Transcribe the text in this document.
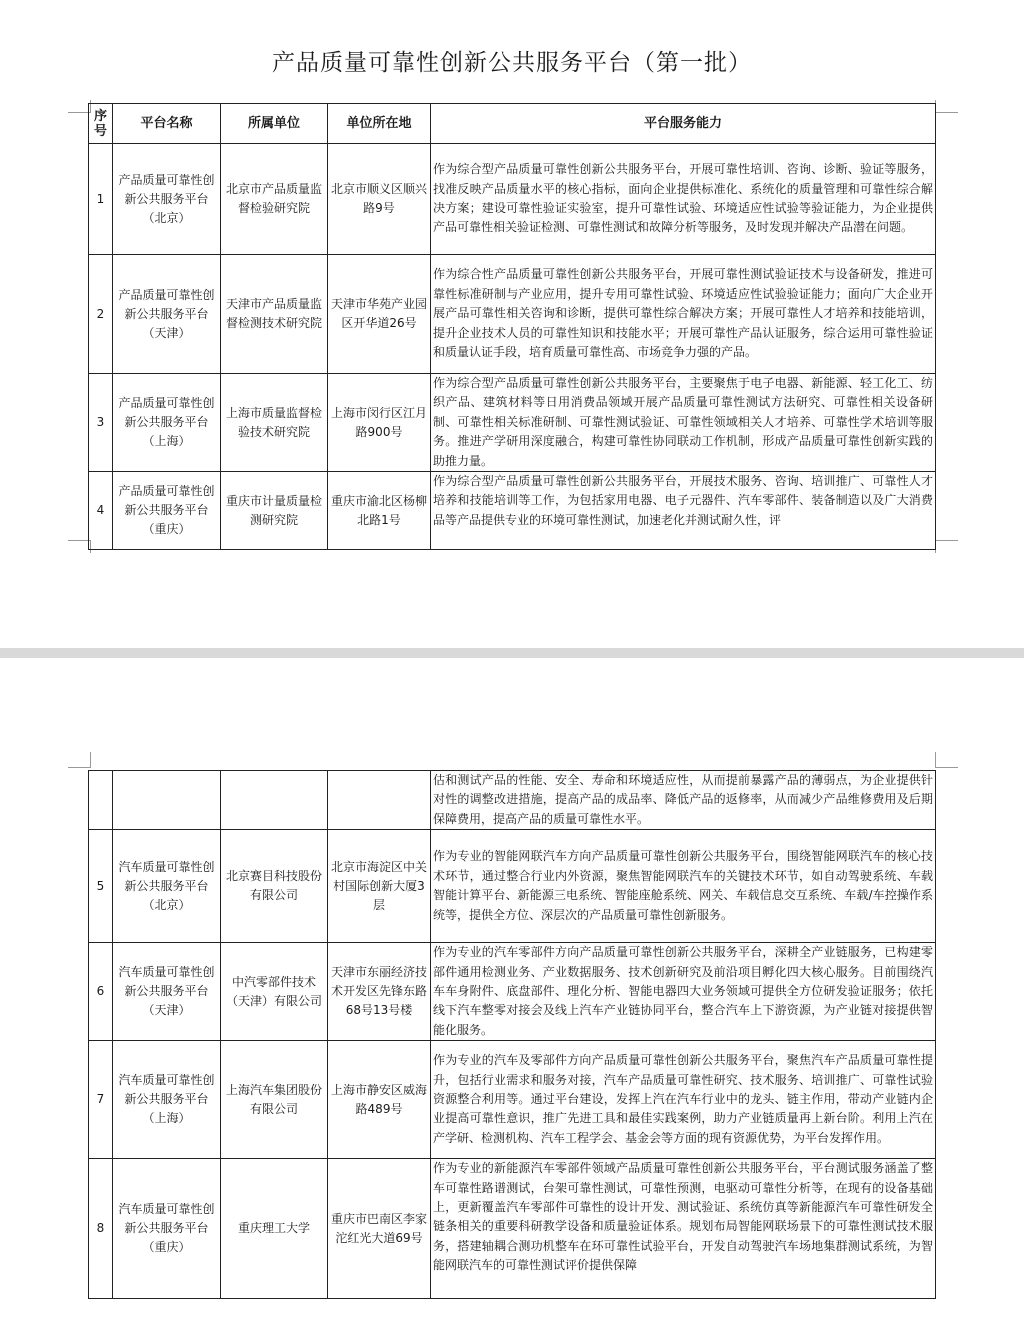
产品质量可靠性创新公共服务平台（第一批）
序号	平台名称	所属单位	单位所在地	平台服务能力
1	产品质量可靠性创新公共服务平台（北京）	北京市产品质量监督检验研究院	北京市顺义区顺兴路9号	作为综合型产品质量可靠性创新公共服务平台，开展可靠性培训、咨询、诊断、验证等服务，找准反映产品质量水平的核心指标，面向企业提供标准化、系统化的质量管理和可靠性综合解决方案；建设可靠性验证实验室，提升可靠性试验、环境适应性试验等验证能力，为企业提供产品可靠性相关验证检测、可靠性测试和故障分析等服务，及时发现并解决产品潜在问题。
2	产品质量可靠性创新公共服务平台（天津）	天津市产品质量监督检测技术研究院	天津市华苑产业园区开华道26号	作为综合性产品质量可靠性创新公共服务平台，开展可靠性测试验证技术与设备研发，推进可靠性标准研制与产业应用，提升专用可靠性试验、环境适应性试验验证能力；面向广大企业开展产品可靠性相关咨询和诊断，提供可靠性综合解决方案；开展可靠性人才培养和技能培训，提升企业技术人员的可靠性知识和技能水平；开展可靠性产品认证服务，综合运用可靠性验证和质量认证手段，培育质量可靠性高、市场竞争力强的产品。
3	产品质量可靠性创新公共服务平台（上海）	上海市质量监督检验技术研究院	上海市闵行区江月路900号	作为综合型产品质量可靠性创新公共服务平台，主要聚焦于电子电器、新能源、轻工化工、纺织产品、建筑材料等日用消费品领域开展产品质量可靠性测试方法研究、可靠性相关设备研制、可靠性相关标准研制、可靠性测试验证、可靠性领域相关人才培养、可靠性学术培训等服务。推进产学研用深度融合，构建可靠性协同联动工作机制，形成产品质量可靠性创新实践的助推力量。
4	产品质量可靠性创新公共服务平台（重庆）	重庆市计量质量检测研究院	重庆市渝北区杨柳北路1号	作为综合型产品质量可靠性创新公共服务平台，开展技术服务、咨询、培训推广、可靠性人才培养和技能培训等工作，为包括家用电器、电子元器件、汽车零部件、装备制造以及广大消费品等产品提供专业的环境可靠性测试，加速老化并测试耐久性，评
				估和测试产品的性能、安全、寿命和环境适应性，从而提前暴露产品的薄弱点，为企业提供针对性的调整改进措施，提高产品的成品率、降低产品的返修率，从而减少产品维修费用及后期保障费用，提高产品的质量可靠性水平。
5	汽车质量可靠性创新公共服务平台（北京）	北京赛目科技股份有限公司	北京市海淀区中关村国际创新大厦3层	作为专业的智能网联汽车方向产品质量可靠性创新公共服务平台，围绕智能网联汽车的核心技术环节，通过整合行业内外资源，聚焦智能网联汽车的关键技术环节，如自动驾驶系统、车载智能计算平台、新能源三电系统、智能座舱系统、网关、车载信息交互系统、车载/车控操作系统等，提供全方位、深层次的产品质量可靠性创新服务。
6	汽车质量可靠性创新公共服务平台（天津）	中汽零部件技术（天津）有限公司	天津市东丽经济技术开发区先锋东路68号13号楼	作为专业的汽车零部件方向产品质量可靠性创新公共服务平台，深耕全产业链服务，已构建零部件通用检测业务、产业数据服务、技术创新研究及前沿项目孵化四大核心服务。目前围绕汽车车身附件、底盘部件、理化分析、智能电器四大业务领域可提供全方位研发验证服务；依托线下汽车整零对接会及线上汽车产业链协同平台，整合汽车上下游资源，为产业链对接提供智能化服务。
7	汽车质量可靠性创新公共服务平台（上海）	上海汽车集团股份有限公司	上海市静安区威海路489号	作为专业的汽车及零部件方向产品质量可靠性创新公共服务平台，聚焦汽车产品质量可靠性提升，包括行业需求和服务对接，汽车产品质量可靠性研究、技术服务、培训推广、可靠性试验资源整合利用等。通过平台建设，发挥上汽在汽车行业中的龙头、链主作用，带动产业链内企业提高可靠性意识，推广先进工具和最佳实践案例，助力产业链质量再上新台阶。利用上汽在产学研、检测机构、汽车工程学会、基金会等方面的现有资源优势，为平台发挥作用。
8	汽车质量可靠性创新公共服务平台（重庆）	重庆理工大学	重庆市巴南区李家沱红光大道69号	作为专业的新能源汽车零部件领域产品质量可靠性创新公共服务平台，平台测试服务涵盖了整车可靠性路谱测试，台架可靠性测试，可靠性预测，电驱动可靠性分析等，在现有的设备基础上，更新覆盖汽车零部件可靠性的设计开发、测试验证、系统仿真等新能源汽车可靠性研发全链条相关的重要科研教学设备和质量验证体系。规划布局智能网联场景下的可靠性测试技术服务，搭建轴耦合测功机整车在环可靠性试验平台，开发自动驾驶汽车场地集群测试系统，为智能网联汽车的可靠性测试评价提供保障
